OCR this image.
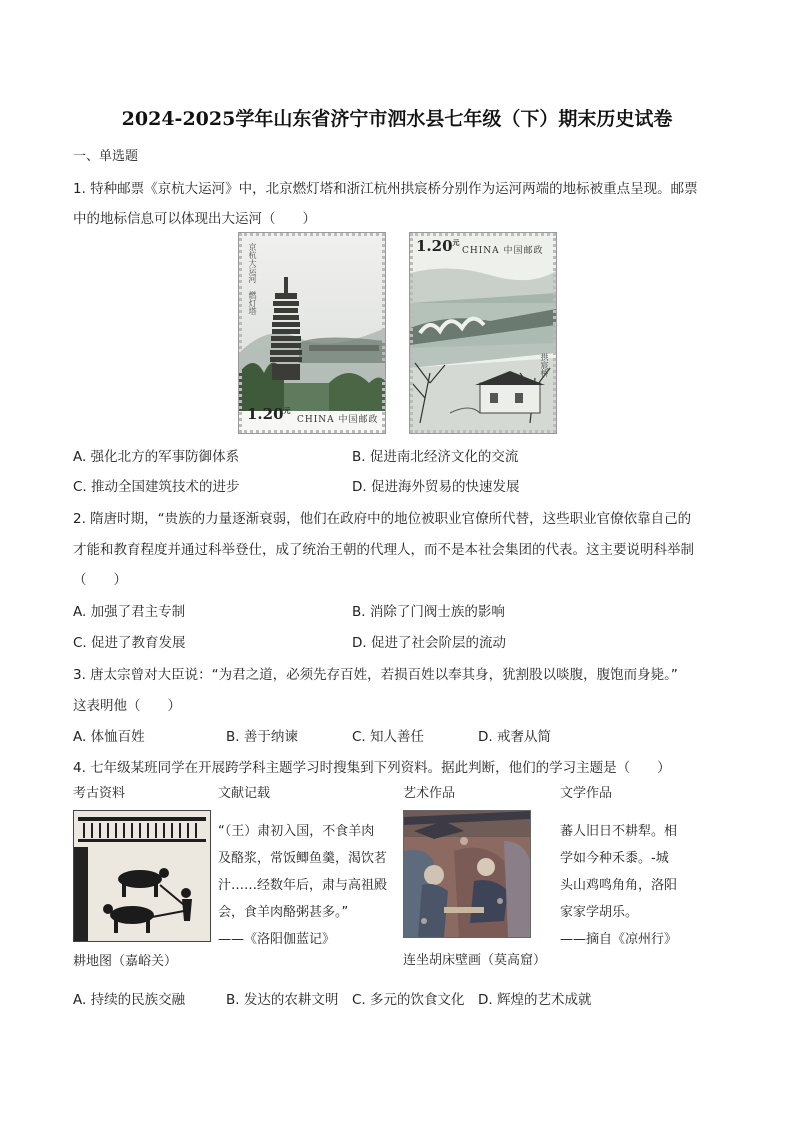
2024-2025学年山东省济宁市泗水县七年级（下）期末历史试卷
一、单选题
1. 特种邮票《京杭大运河》中，北京燃灯塔和浙江杭州拱宸桥分别作为运河两端的地标被重点呈现。邮票
中的地标信息可以体现出大运河（　　）
京杭大运河　燃灯塔
$1.20^元$
CHINA 中国邮政
$1.20^元$
CHINA 中国邮政
拱宸桥
A. 强化北方的军事防御体系	B. 促进南北经济文化的交流
C. 推动全国建筑技术的进步	D. 促进海外贸易的快速发展
2. 隋唐时期，“贵族的力量逐渐衰弱，他们在政府中的地位被职业官僚所代替，这些职业官僚依靠自己的
才能和教育程度并通过科举登仕，成了统治王朝的代理人，而不是本社会集团的代表。这主要说明科举制
（　　）
A. 加强了君主专制	B. 消除了门阀士族的影响
C. 促进了教育发展	D. 促进了社会阶层的流动
3. 唐太宗曾对大臣说：“为君之道，必须先存百姓，若损百姓以奉其身，犹割股以啖腹，腹饱而身毙。”
这表明他（　　）
A. 体恤百姓	B. 善于纳谏	C. 知人善任	D. 戒奢从简
4. 七年级某班同学在开展跨学科主题学习时搜集到下列资料。据此判断，他们的学习主题是（　　）
考古资料	文献记载	艺术作品	文学作品
耕地图（嘉峪关）
“（王）肃初入国，不食羊肉
及酪浆，常饭鲫鱼羹，渴饮茗
汁……经数年后，肃与高祖殿
会，食羊肉酪粥甚多。”
——《洛阳伽蓝记》
连坐胡床壁画（莫高窟）
蕃人旧日不耕犁。相
学如今种禾黍。-城
头山鸡鸣角角，洛阳
家家学胡乐。
——摘自《凉州行》
A. 持续的民族交融	B. 发达的农耕文明 C. 多元的饮食文化 D. 辉煌的艺术成就
